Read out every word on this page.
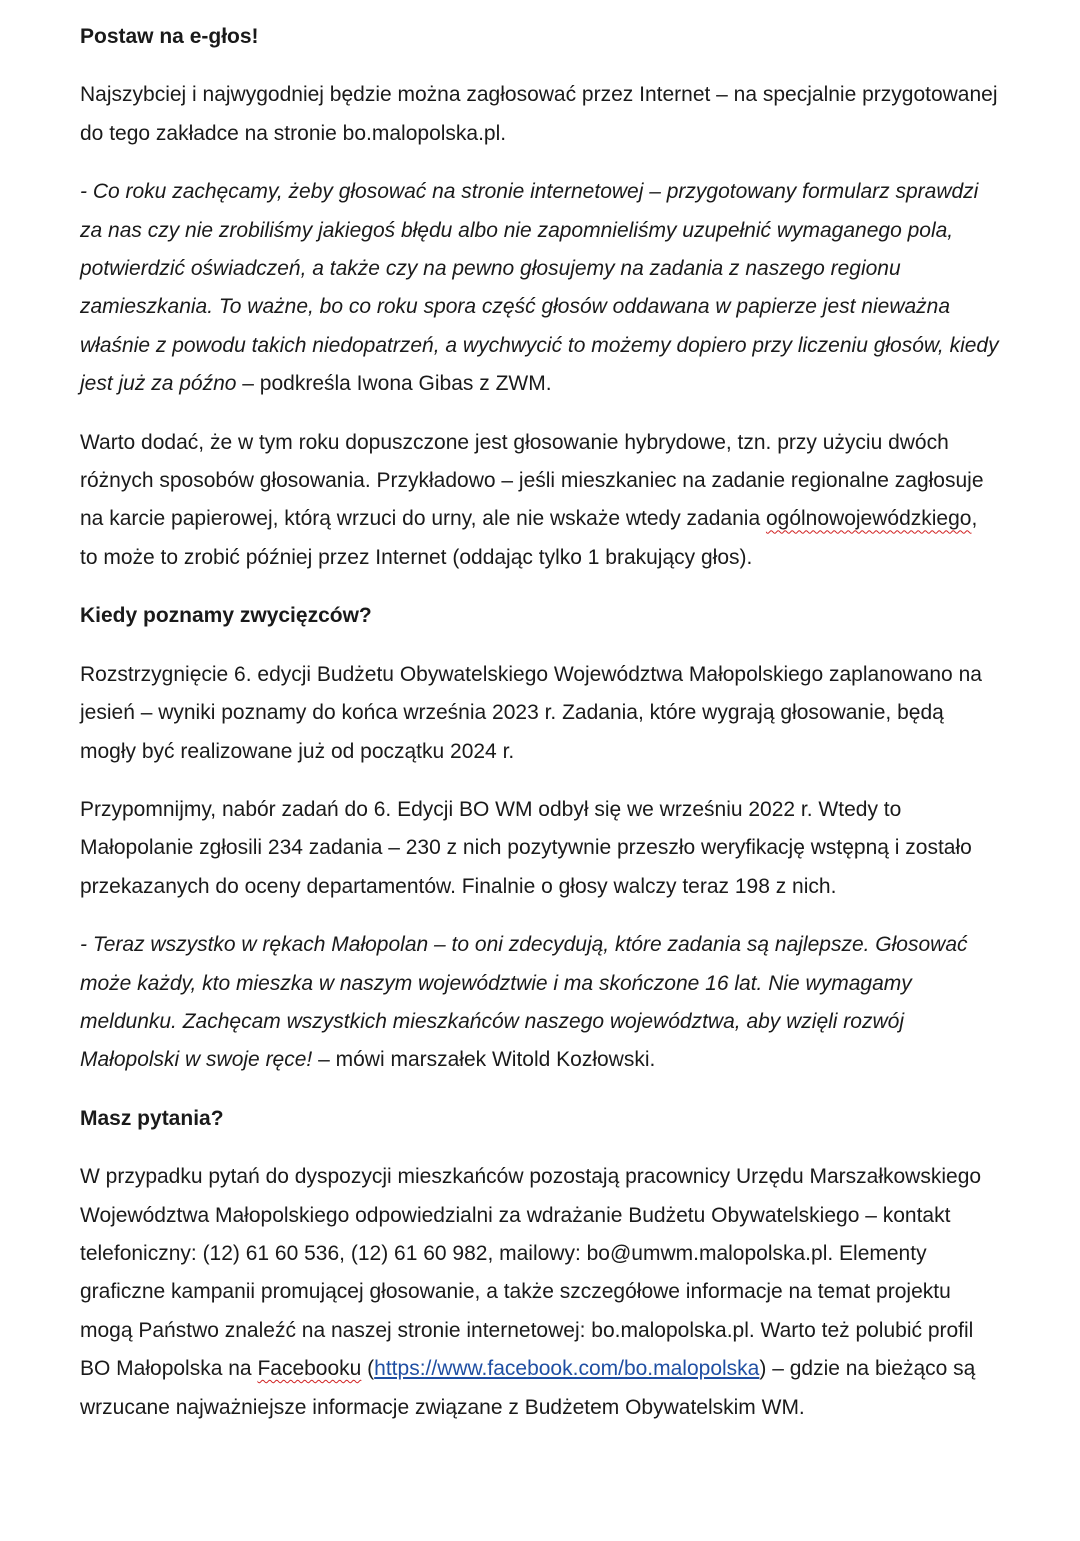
Postaw na e-głos!

Najszybciej i najwygodniej będzie można zagłosować przez Internet – na specjalnie przygotowanej do tego zakładce na stronie bo.malopolska.pl.

- Co roku zachęcamy, żeby głosować na stronie internetowej – przygotowany formularz sprawdzi za nas czy nie zrobiliśmy jakiegoś błędu albo nie zapomnieliśmy uzupełnić wymaganego pola, potwierdzić oświadczeń, a także czy na pewno głosujemy na zadania z naszego regionu zamieszkania. To ważne, bo co roku spora część głosów oddawana w papierze jest nieważna właśnie z powodu takich niedopatrzeń, a wychwycić to możemy dopiero przy liczeniu głosów, kiedy jest już za późno – podkreśla Iwona Gibas z ZWM.

Warto dodać, że w tym roku dopuszczone jest głosowanie hybrydowe, tzn. przy użyciu dwóch różnych sposobów głosowania. Przykładowo – jeśli mieszkaniec na zadanie regionalne zagłosuje na karcie papierowej, którą wrzuci do urny, ale nie wskaże wtedy zadania ogólnowojewódzkiego, to może to zrobić później przez Internet (oddając tylko 1 brakujący głos).

Kiedy poznamy zwycięzców?

Rozstrzygnięcie 6. edycji Budżetu Obywatelskiego Województwa Małopolskiego zaplanowano na jesień – wyniki poznamy do końca września 2023 r. Zadania, które wygrają głosowanie, będą mogły być realizowane już od początku 2024 r.

Przypomnijmy, nabór zadań do 6. Edycji BO WM odbył się we wrześniu 2022 r. Wtedy to Małopolanie zgłosili 234 zadania – 230 z nich pozytywnie przeszło weryfikację wstępną i zostało przekazanych do oceny departamentów. Finalnie o głosy walczy teraz 198 z nich.

- Teraz wszystko w rękach Małopolan – to oni zdecydują, które zadania są najlepsze. Głosować może każdy, kto mieszka w naszym województwie i ma skończone 16 lat. Nie wymagamy meldunku. Zachęcam wszystkich mieszkańców naszego województwa, aby wzięli rozwój Małopolski w swoje ręce! – mówi marszałek Witold Kozłowski.

Masz pytania?

W przypadku pytań do dyspozycji mieszkańców pozostają pracownicy Urzędu Marszałkowskiego Województwa Małopolskiego odpowiedzialni za wdrażanie Budżetu Obywatelskiego – kontakt telefoniczny: (12) 61 60 536, (12) 61 60 982, mailowy: bo@umwm.malopolska.pl. Elementy graficzne kampanii promującej głosowanie, a także szczegółowe informacje na temat projektu mogą Państwo znaleźć na naszej stronie internetowej: bo.malopolska.pl. Warto też polubić profil BO Małopolska na Facebooku (https://www.facebook.com/bo.malopolska) – gdzie na bieżąco są wrzucane najważniejsze informacje związane z Budżetem Obywatelskim WM.
